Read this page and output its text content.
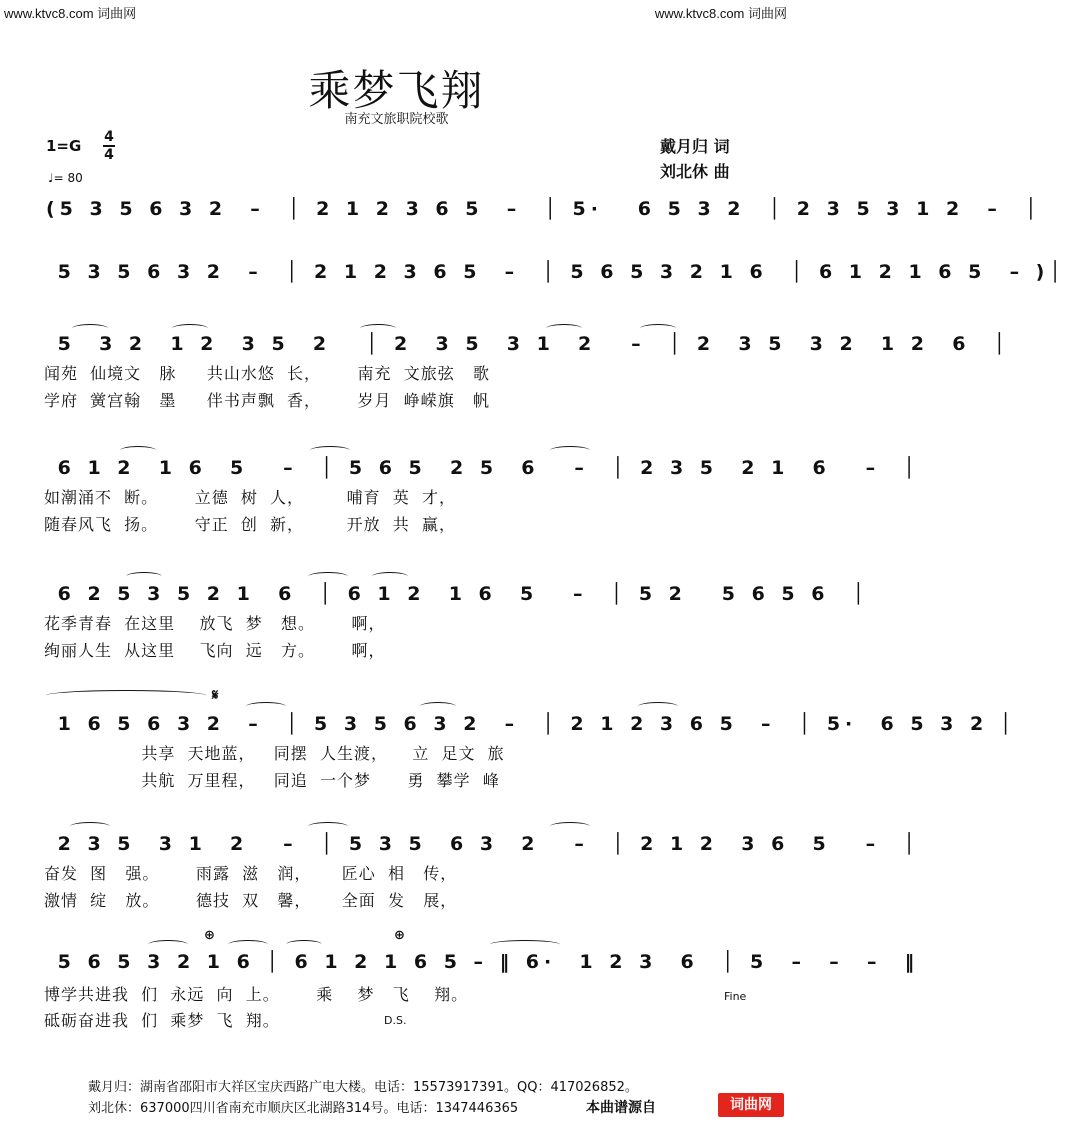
www.ktvc8.com 词曲网	www.ktvc8.com 词曲网
乘梦飞翔
南充文旅职院校歌
1=G 4
4
♩= 80
戴月归 词
刘北休 曲
(5 3 5 6 3 2  –  │ 2 1 2 3 6 5  –  │ 5·   6 5 3 2  │ 2 3 5 3 1 2  –  │
5 3 5 6 3 2  –  │ 2 1 2 3 6 5  –  │ 5 6 5 3 2 1 6  │ 6 1 2 1 6 5  – )│
5  3 2  1 2  3 5  2   │ 2  3 5  3 1  2   –  │ 2  3 5  3 2  1 2  6  │
闻苑  仙境文   脉     共山水悠  长，      南充  文旅弦   歌
学府  黉宫翰   墨     伴书声飘  香，      岁月  峥嵘旗   帆
6 1 2  1 6  5   –  │ 5 6 5  2 5  6   –  │ 2 3 5  2 1  6   –  │
如潮涌不  断。      立德  树  人，       哺育  英  才，
随春风飞  扬。      守正  创  新，       开放  共  赢，
6 2 5 3 5 2 1  6  │ 6 1 2  1 6  5   –  │ 5 2   5 6 5 6  │
花季青春  在这里    放飞  梦   想。      啊，
绚丽人生  从这里    飞向  远   方。      啊，
𝄋
1 6 5 6 3 2  –  │ 5 3 5 6 3 2  –  │ 2 1 2 3 6 5  –  │ 5·  6 5 3 2 │
共享  天地蓝，   同摆  人生渡，    立  足文  旅
共航  万里程，   同追  一个梦      勇  攀学  峰
2 3 5  3 1  2   –  │ 5 3 5  6 3  2   –  │ 2 1 2  3 6  5   –  │
奋发  图   强。      雨露  滋   润，     匠心  相   传，
激情  绽   放。      德技  双   馨，     全面  发   展，
⊕	⊕
5 6 5 3 2 1 6 │ 6 1 2 1 6 5 – ‖ 6·  1 2 3  6  │ 5  –  –  –  ‖
博学共进我  们  永远  向  上。      乘    梦   飞    翔。
砥砺奋进我  们  乘梦  飞  翔。	D.S.
Fine
戴月归：湖南省邵阳市大祥区宝庆西路广电大楼。电话：15573917391。QQ：417026852。
刘北休：637000四川省南充市顺庆区北湖路314号。电话：1347446365	本曲谱源自	词曲网
